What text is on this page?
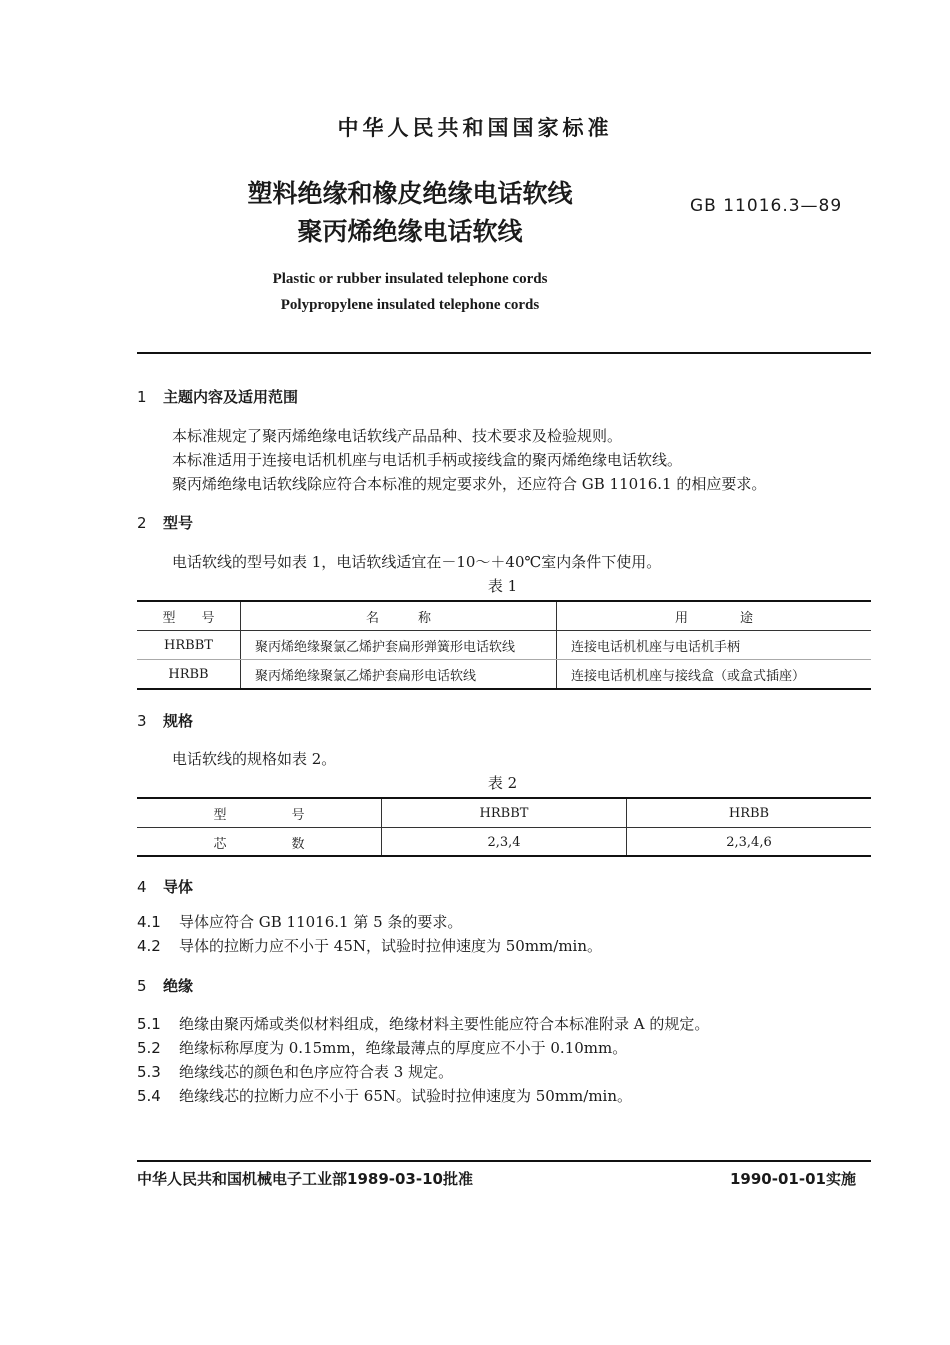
中华人民共和国国家标准
塑料绝缘和橡皮绝缘电话软线
聚丙烯绝缘电话软线
GB 11016.3—89
Plastic or rubber insulated telephone cords
Polypropylene insulated telephone cords
1 主题内容及适用范围
本标准规定了聚丙烯绝缘电话软线产品品种、技术要求及检验规则。
本标准适用于连接电话机机座与电话机手柄或接线盒的聚丙烯绝缘电话软线。
聚丙烯绝缘电话软线除应符合本标准的规定要求外，还应符合 GB 11016.1 的相应要求。
2 型号
电话软线的型号如表 1，电话软线适宜在－10～＋40℃室内条件下使用。
表 1
型　　号	名　　　称	用　　　　途
HRBBT	聚丙烯绝缘聚氯乙烯护套扁形弹簧形电话软线	连接电话机机座与电话机手柄
HRBB	聚丙烯绝缘聚氯乙烯护套扁形电话软线	连接电话机机座与接线盒（或盒式插座）
3 规格
电话软线的规格如表 2。
表 2
型　　　　　号	HRBBT	HRBB
芯　　　　　数	2,3,4	2,3,4,6
4 导体
4.1 导体应符合 GB 11016.1 第 5 条的要求。
4.2 导体的拉断力应不小于 45N，试验时拉伸速度为 50mm/min。
5 绝缘
5.1 绝缘由聚丙烯或类似材料组成，绝缘材料主要性能应符合本标准附录 A 的规定。
5.2 绝缘标称厚度为 0.15mm，绝缘最薄点的厚度应不小于 0.10mm。
5.3 绝缘线芯的颜色和色序应符合表 3 规定。
5.4 绝缘线芯的拉断力应不小于 65N。试验时拉伸速度为 50mm/min。
中华人民共和国机械电子工业部1989-03-10批准	1990-01-01实施
